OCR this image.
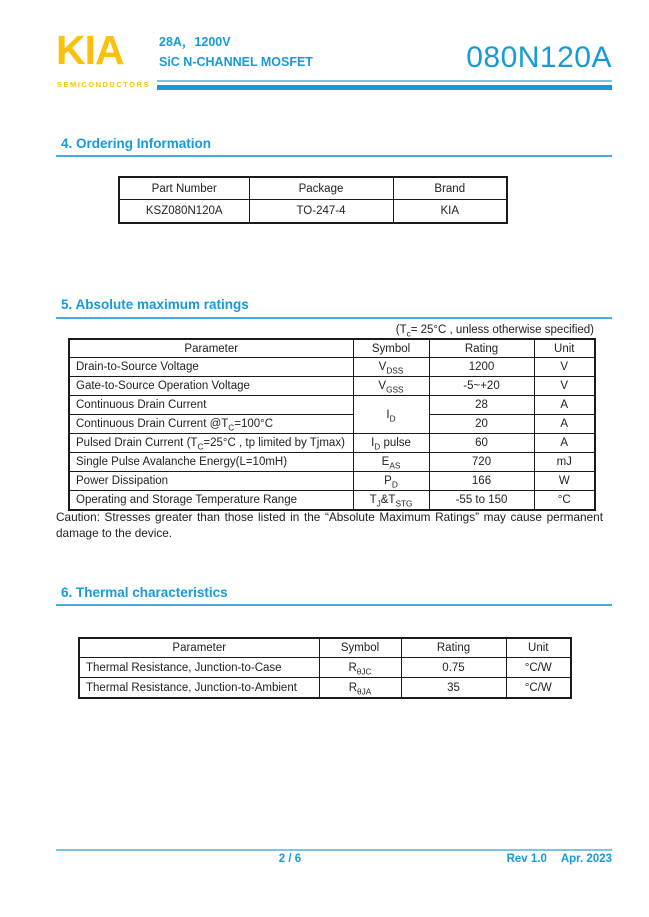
KIA
SEMICONDUCTORS
28A，1200V
SiC N-CHANNEL MOSFET	080N120A
4. Ordering Information
Part Number	Package	Brand
KSZ080N120A	TO-247-4	KIA
5. Absolute maximum ratings
($T_c= 25^\circ C$ , unless otherwise specified)
Parameter	Symbol	Rating	Unit
Drain-to-Source Voltage	$V_{DSS}$	1200	V
Gate-to-Source Operation Voltage	$V_{GSS}$	-5~+20	V
Continuous Drain Current	$I_D$	28	A
Continuous Drain Current $@T_C=100^\circ C$		20	A
Pulsed Drain Current ($T_C=25^\circ C$ , tp limited by Tjmax)	$I_D$ pulse	60	A
Single Pulse Avalanche Energy(L=10mH)	$E_{AS}$	720	mJ
Power Dissipation	$P_D$	166	W
Operating and Storage Temperature Range	$T_J\&T_{STG}$	-55 to 150	°C
Caution: Stresses greater than those listed in the “Absolute Maximum Ratings” may cause permanent damage to the device.
6. Thermal characteristics
Parameter	Symbol	Rating	Unit
Thermal Resistance, Junction-to-Case	$R_{\theta JC}$	0.75	°C/W
Thermal Resistance, Junction-to-Ambient	$R_{\theta JA}$	35	°C/W
2 / 6	Rev 1.0 Apr. 2023
